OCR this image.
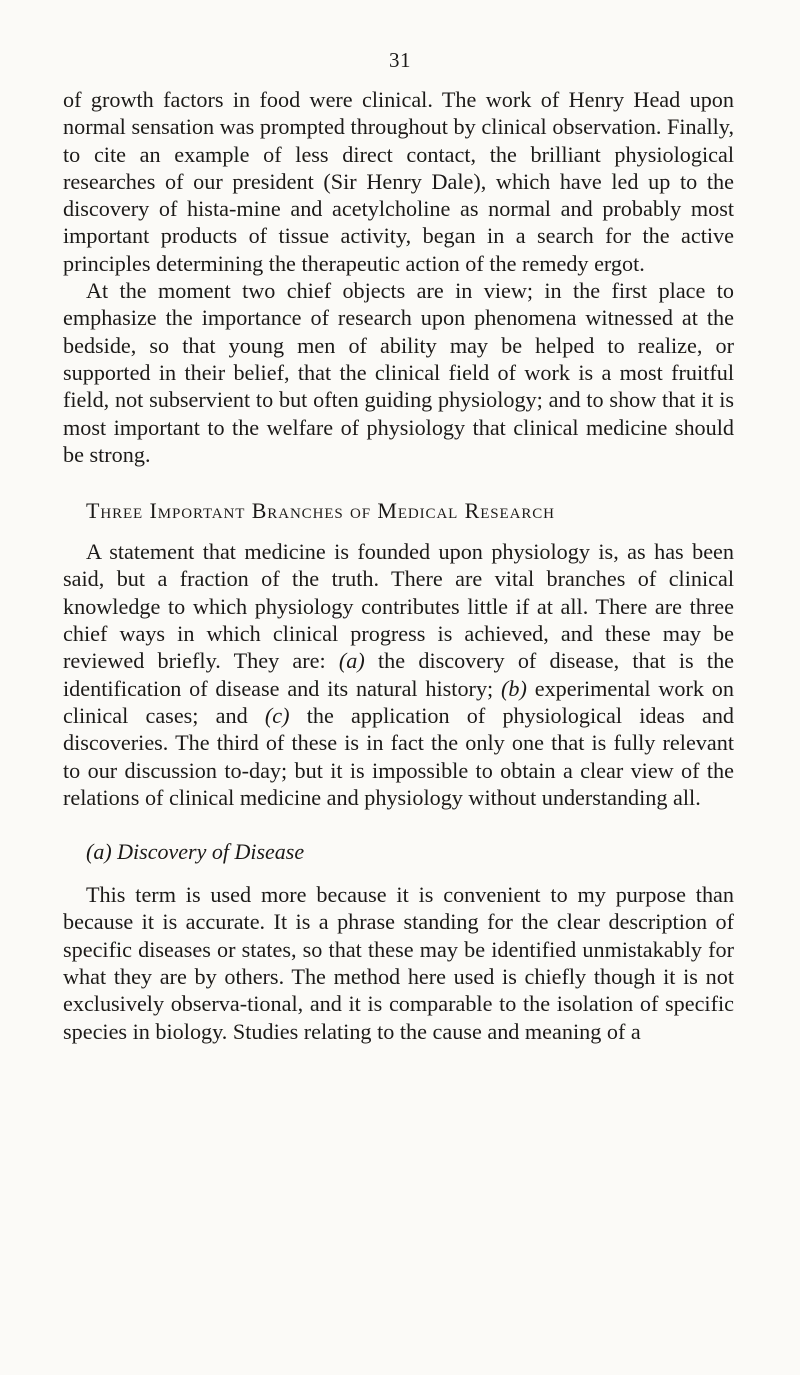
31

of growth factors in food were clinical. The work of Henry Head upon normal sensation was prompted throughout by clinical observation. Finally, to cite an example of less direct contact, the brilliant physiological researches of our president (Sir Henry Dale), which have led up to the discovery of hista-mine and acetylcholine as normal and probably most important products of tissue activity, began in a search for the active principles determining the therapeutic action of the remedy ergot.

At the moment two chief objects are in view; in the first place to emphasize the importance of research upon phenomena witnessed at the bedside, so that young men of ability may be helped to realize, or supported in their belief, that the clinical field of work is a most fruitful field, not subservient to but often guiding physiology; and to show that it is most important to the welfare of physiology that clinical medicine should be strong.

Three Important Branches of Medical Research

A statement that medicine is founded upon physiology is, as has been said, but a fraction of the truth. There are vital branches of clinical knowledge to which physiology contributes little if at all. There are three chief ways in which clinical progress is achieved, and these may be reviewed briefly. They are: (a) the discovery of disease, that is the identification of disease and its natural history; (b) experimental work on clinical cases; and (c) the application of physiological ideas and discoveries. The third of these is in fact the only one that is fully relevant to our discussion to-day; but it is impossible to obtain a clear view of the relations of clinical medicine and physiology without understanding all.

(a) Discovery of Disease

This term is used more because it is convenient to my purpose than because it is accurate. It is a phrase standing for the clear description of specific diseases or states, so that these may be identified unmistakably for what they are by others. The method here used is chiefly though it is not exclusively observa-tional, and it is comparable to the isolation of specific species in biology. Studies relating to the cause and meaning of a
